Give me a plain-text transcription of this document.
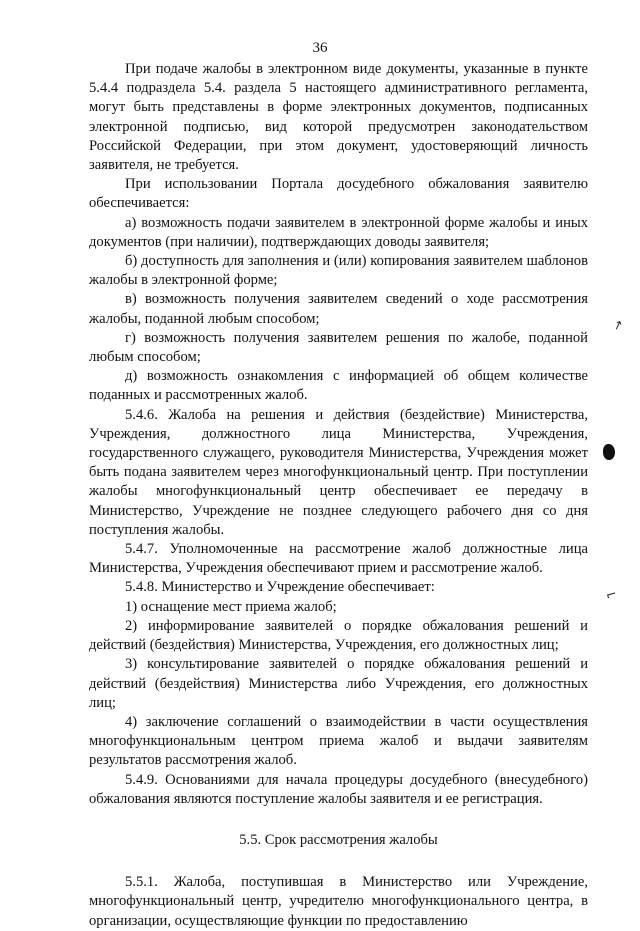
36

При подаче жалобы в электронном виде документы, указанные в пункте 5.4.4 подраздела 5.4. раздела 5 настоящего административного регламента, могут быть представлены в форме электронных документов, подписанных электронной подписью, вид которой предусмотрен законодательством Российской Федерации, при этом документ, удостоверяющий личность заявителя, не требуется.

При использовании Портала досудебного обжалования заявителю обеспечивается:

а) возможность подачи заявителем в электронной форме жалобы и иных документов (при наличии), подтверждающих доводы заявителя;

б) доступность для заполнения и (или) копирования заявителем шаблонов жалобы в электронной форме;

в) возможность получения заявителем сведений о ходе рассмотрения жалобы, поданной любым способом;

г) возможность получения заявителем решения по жалобе, поданной любым способом;

д) возможность ознакомления с информацией об общем количестве поданных и рассмотренных жалоб.

5.4.6. Жалоба на решения и действия (бездействие) Министерства, Учреждения, должностного лица Министерства, Учреждения, государственного служащего, руководителя Министерства, Учреждения может быть подана заявителем через многофункциональный центр. При поступлении жалобы многофункциональный центр обеспечивает ее передачу в Министерство, Учреждение не позднее следующего рабочего дня со дня поступления жалобы.

5.4.7. Уполномоченные на рассмотрение жалоб должностные лица Министерства, Учреждения обеспечивают прием и рассмотрение жалоб.

5.4.8. Министерство и Учреждение обеспечивает:

1) оснащение мест приема жалоб;

2) информирование заявителей о порядке обжалования решений и действий (бездействия) Министерства, Учреждения, его должностных лиц;

3) консультирование заявителей о порядке обжалования решений и действий (бездействия) Министерства либо Учреждения, его должностных лиц;

4) заключение соглашений о взаимодействии в части осуществления многофункциональным центром приема жалоб и выдачи заявителям результатов рассмотрения жалоб.

5.4.9. Основаниями для начала процедуры досудебного (внесудебного) обжалования являются поступление жалобы заявителя и ее регистрация.

5.5. Срок рассмотрения жалобы

5.5.1. Жалоба, поступившая в Министерство или Учреждение, многофункциональный центр, учредителю многофункционального центра, в организации, осуществляющие функции по предоставлению

↗
⌐
